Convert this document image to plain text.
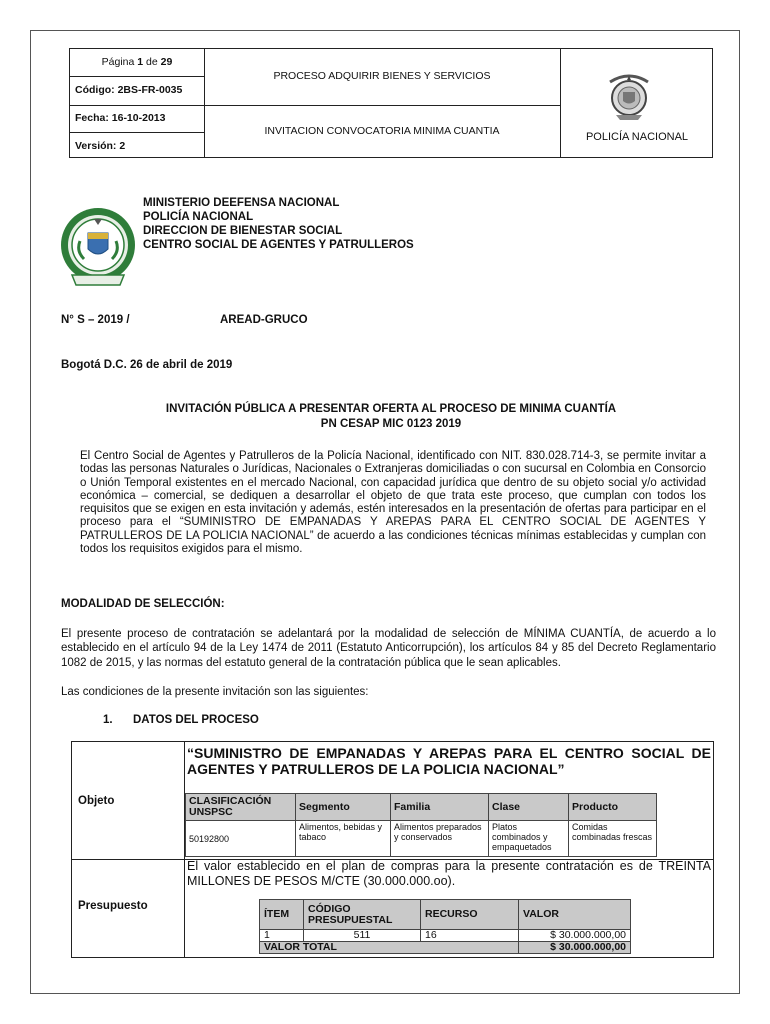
Página 1 de 29
Código: 2BS-FR-0035
Fecha: 16-10-2013
Versión: 2
PROCESO ADQUIRIR BIENES Y SERVICIOS
INVITACION CONVOCATORIA MINIMA CUANTIA	POLICÍA NACIONAL
MINISTERIO DEEFENSA NACIONAL
POLICÍA NACIONAL
DIRECCION DE BIENESTAR SOCIAL
CENTRO SOCIAL DE AGENTES Y PATRULLEROS
N° S – 2019 /	AREAD-GRUCO
Bogotá D.C. 26 de abril de 2019
INVITACIÓN PÚBLICA A PRESENTAR OFERTA AL PROCESO DE MINIMA CUANTÍA
PN CESAP MIC 0123 2019
El Centro Social de Agentes y Patrulleros de la Policía Nacional, identificado con NIT. 830.028.714-3, se permite invitar a todas las personas Naturales o Jurídicas, Nacionales o Extranjeras domiciliadas o con sucursal en Colombia en Consorcio o Unión Temporal existentes en el mercado Nacional, con capacidad jurídica que dentro de su objeto social y/o actividad económica – comercial, se dediquen a desarrollar el objeto de que trata este proceso, que cumplan con todos los requisitos que se exigen en esta invitación y además, estén interesados en la presentación de ofertas para participar en el proceso para el “SUMINISTRO DE EMPANADAS Y AREPAS PARA EL CENTRO SOCIAL DE AGENTES Y PATRULLEROS DE LA POLICIA NACIONAL” de acuerdo a las condiciones técnicas mínimas establecidas y cumplan con todos los requisitos exigidos para el mismo.
MODALIDAD DE SELECCIÓN:
El presente proceso de contratación se adelantará por la modalidad de selección de MÍNIMA CUANTÍA, de acuerdo a lo establecido en el artículo 94 de la Ley 1474 de 2011 (Estatuto Anticorrupción), los artículos 84 y 85 del Decreto Reglamentario 1082 de 2015, y las normas del estatuto general de la contratación pública que le sean aplicables.
Las condiciones de la presente invitación son las siguientes:
1. DATOS DEL PROCESO
Objeto
“SUMINISTRO DE EMPANADAS Y AREPAS PARA EL CENTRO SOCIAL DE AGENTES Y PATRULLEROS DE LA POLICIA NACIONAL”
CLASIFICACIÓN UNSPSC	Segmento	Familia	Clase	Producto
50192800	Alimentos, bebidas y tabaco	Alimentos preparados y conservados	Platos combinados y empaquetados	Comidas combinadas frescas
Presupuesto
El valor establecido en el plan de compras para la presente contratación es de TREINTA MILLONES DE PESOS M/CTE (30.000.000.oo).
ÍTEM	CÓDIGO PRESUPUESTAL	RECURSO	VALOR
1	511	16	$ 30.000.000,00
VALOR TOTAL			$ 30.000.000,00
